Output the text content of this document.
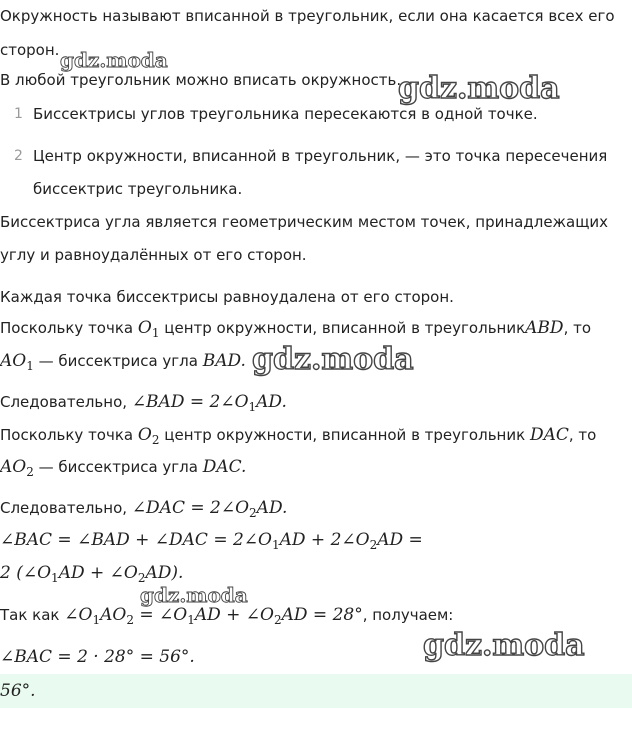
Окружность называют вписанной в треугольник, если она касается всех его
сторон.
В любой треугольник можно вписать окружность.
1 Биссектрисы углов треугольника пересекаются в одной точке.
2 Центр окружности, вписанной в треугольник, — это точка пересечения
биссектрис треугольника.
Биссектриса угла является геометрическим местом точек, принадлежащих
углу и равноудалённых от его сторон.
Каждая точка биссектрисы равноудалена от его сторон.
Поскольку точка $O_1$ центр окружности, вписанной в треугольникABD, то
$AO_1$ — биссектриса угла BAD.
Следовательно, ∠BAD = $2\angle O_1AD$.
Поскольку точка $O_2$ центр окружности, вписанной в треугольник DAC, то
$AO_2$ — биссектриса угла DAC.
Следовательно, ∠DAC = $2\angle O_2AD$.
∠BAC = ∠BAD + ∠DAC = $2\angle O_1AD$ + $2\angle O_2AD$ =
2 ($\angle O_1AD$ + $\angle O_2AD$).
Так как $\angle O_1AO_2$ = $\angle O_1AD$ + $\angle O_2AD = 28^\circ$, получаем:
∠BAC = 2 · 28° = 56°.
56°.
gdz.moda
gdz.moda
gdz.moda
gdz.moda
gdz.moda
